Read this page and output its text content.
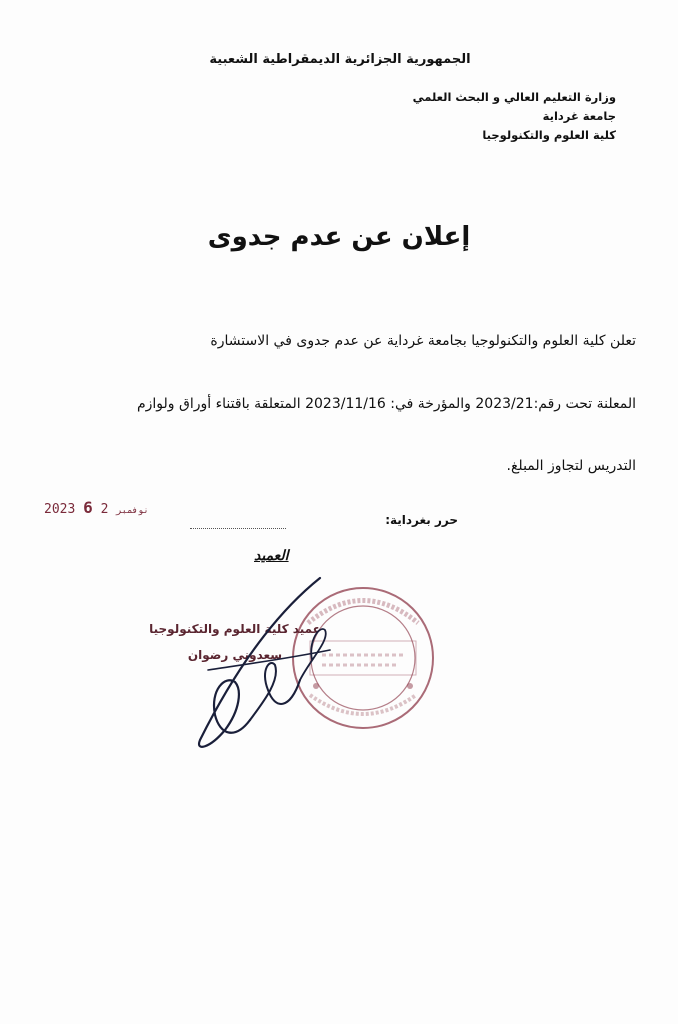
الجمهورية الجزائرية الديمقراطية الشعبية
وزارة التعليم العالي و البحث العلمي
جامعة غرداية
كلية العلوم والتكنولوجيا
إعلان عن عدم جدوى
تعلن كلية العلوم والتكنولوجيا بجامعة غرداية عن عدم جدوى في الاستشارة
المعلنة تحت رقم:2023/21 والمؤرخة في: 2023/11/16 المتعلقة باقتناء أوراق ولوازم
التدريس لتجاوز المبلغ.
2023	نوفمبر 2 6
حرر بغرداية:
العميد
عميد كلية العلوم والتكنولوجيا
سعدوني رضوان
